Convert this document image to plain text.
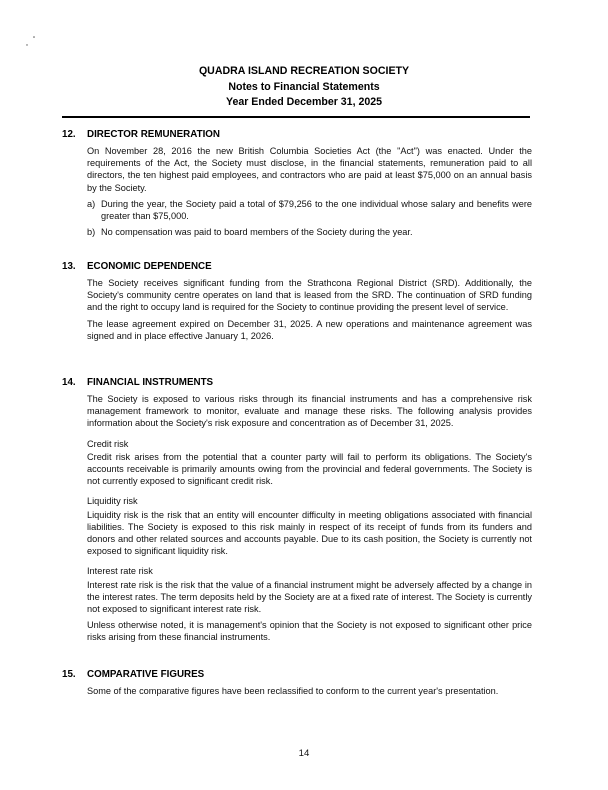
QUADRA ISLAND RECREATION SOCIETY
Notes to Financial Statements
Year Ended December 31, 2025
12. DIRECTOR REMUNERATION

On November 28, 2016 the new British Columbia Societies Act (the "Act") was enacted. Under the requirements of the Act, the Society must disclose, in the financial statements, remuneration paid to all directors, the ten highest paid employees, and contractors who are paid at least $75,000 on an annual basis by the Society.

a) During the year, the Society paid a total of $79,256 to the one individual whose salary and benefits were greater than $75,000.
b) No compensation was paid to board members of the Society during the year.
13. ECONOMIC DEPENDENCE

The Society receives significant funding from the Strathcona Regional District (SRD). Additionally, the Society's community centre operates on land that is leased from the SRD. The continuation of SRD funding and the right to occupy land is required for the Society to continue providing the present level of service.

The lease agreement expired on December 31, 2025. A new operations and maintenance agreement was signed and in place effective January 1, 2026.

14. FINANCIAL INSTRUMENTS

The Society is exposed to various risks through its financial instruments and has a comprehensive risk management framework to monitor, evaluate and manage these risks. The following analysis provides information about the Society's risk exposure and concentration as of December 31, 2025.

Credit risk

Credit risk arises from the potential that a counter party will fail to perform its obligations. The Society's accounts receivable is primarily amounts owing from the provincial and federal governments. The Society is not currently exposed to significant credit risk.

Liquidity risk

Liquidity risk is the risk that an entity will encounter difficulty in meeting obligations associated with financial liabilities. The Society is exposed to this risk mainly in respect of its receipt of funds from its funders and donors and other related sources and accounts payable. Due to its cash position, the Society is currently not exposed to significant liquidity risk.

Interest rate risk

Interest rate risk is the risk that the value of a financial instrument might be adversely affected by a change in the interest rates. The term deposits held by the Society are at a fixed rate of interest. The Society is currently not exposed to significant interest rate risk.

Unless otherwise noted, it is management's opinion that the Society is not exposed to significant other price risks arising from these financial instruments.

15. COMPARATIVE FIGURES

Some of the comparative figures have been reclassified to conform to the current year's presentation.

14
